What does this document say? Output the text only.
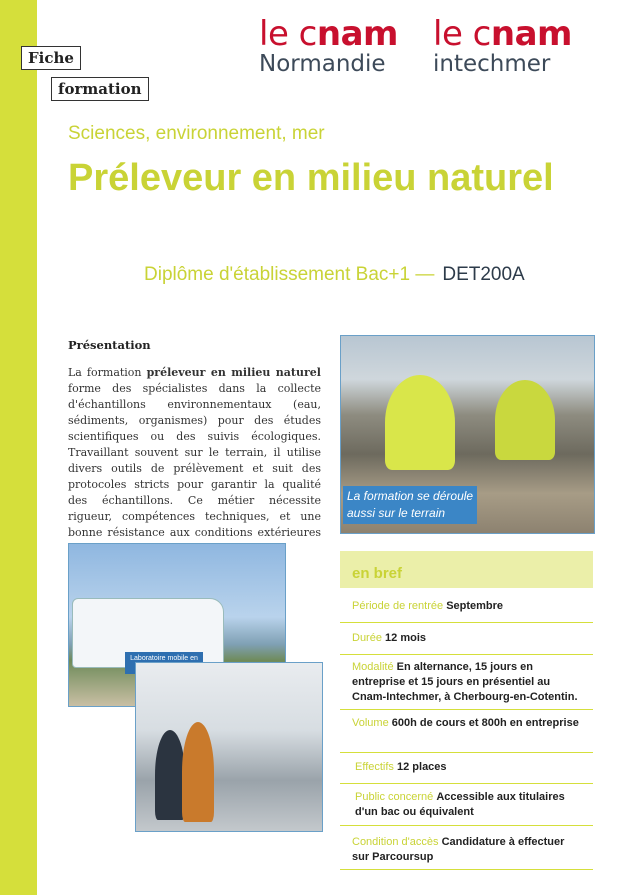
Fiche
formation
le cnam
Normandie
le cnam
intechmer
Sciences, environnement, mer
Préleveur en milieu naturel
Diplôme d'établissement Bac+1 — DET200A
Présentation

La formation préleveur en milieu naturel forme des spécialistes dans la collecte d'échantillons environnementaux (eau, sédiments, organismes) pour des études scientifiques ou des suivis écologiques. Travaillant souvent sur le terrain, il utilise divers outils de prélèvement et suit des protocoles stricts pour garantir la qualité des échantillons. Ce métier nécessite rigueur, compétences techniques, et une bonne résistance aux conditions extérieures

La formation se déroule
aussi sur le terrain
Laboratoire mobile en
en bref
Période de rentrée Septembre
Durée 12 mois
Modalité En alternance, 15 jours en entreprise et 15 jours en présentiel au Cnam-Intechmer, à Cherbourg-en-Cotentin.
Volume 600h de cours et 800h en entreprise
Effectifs 12 places
Public concerné Accessible aux titulaires d'un bac ou équivalent
Condition d'accès Candidature à effectuer sur Parcoursup
